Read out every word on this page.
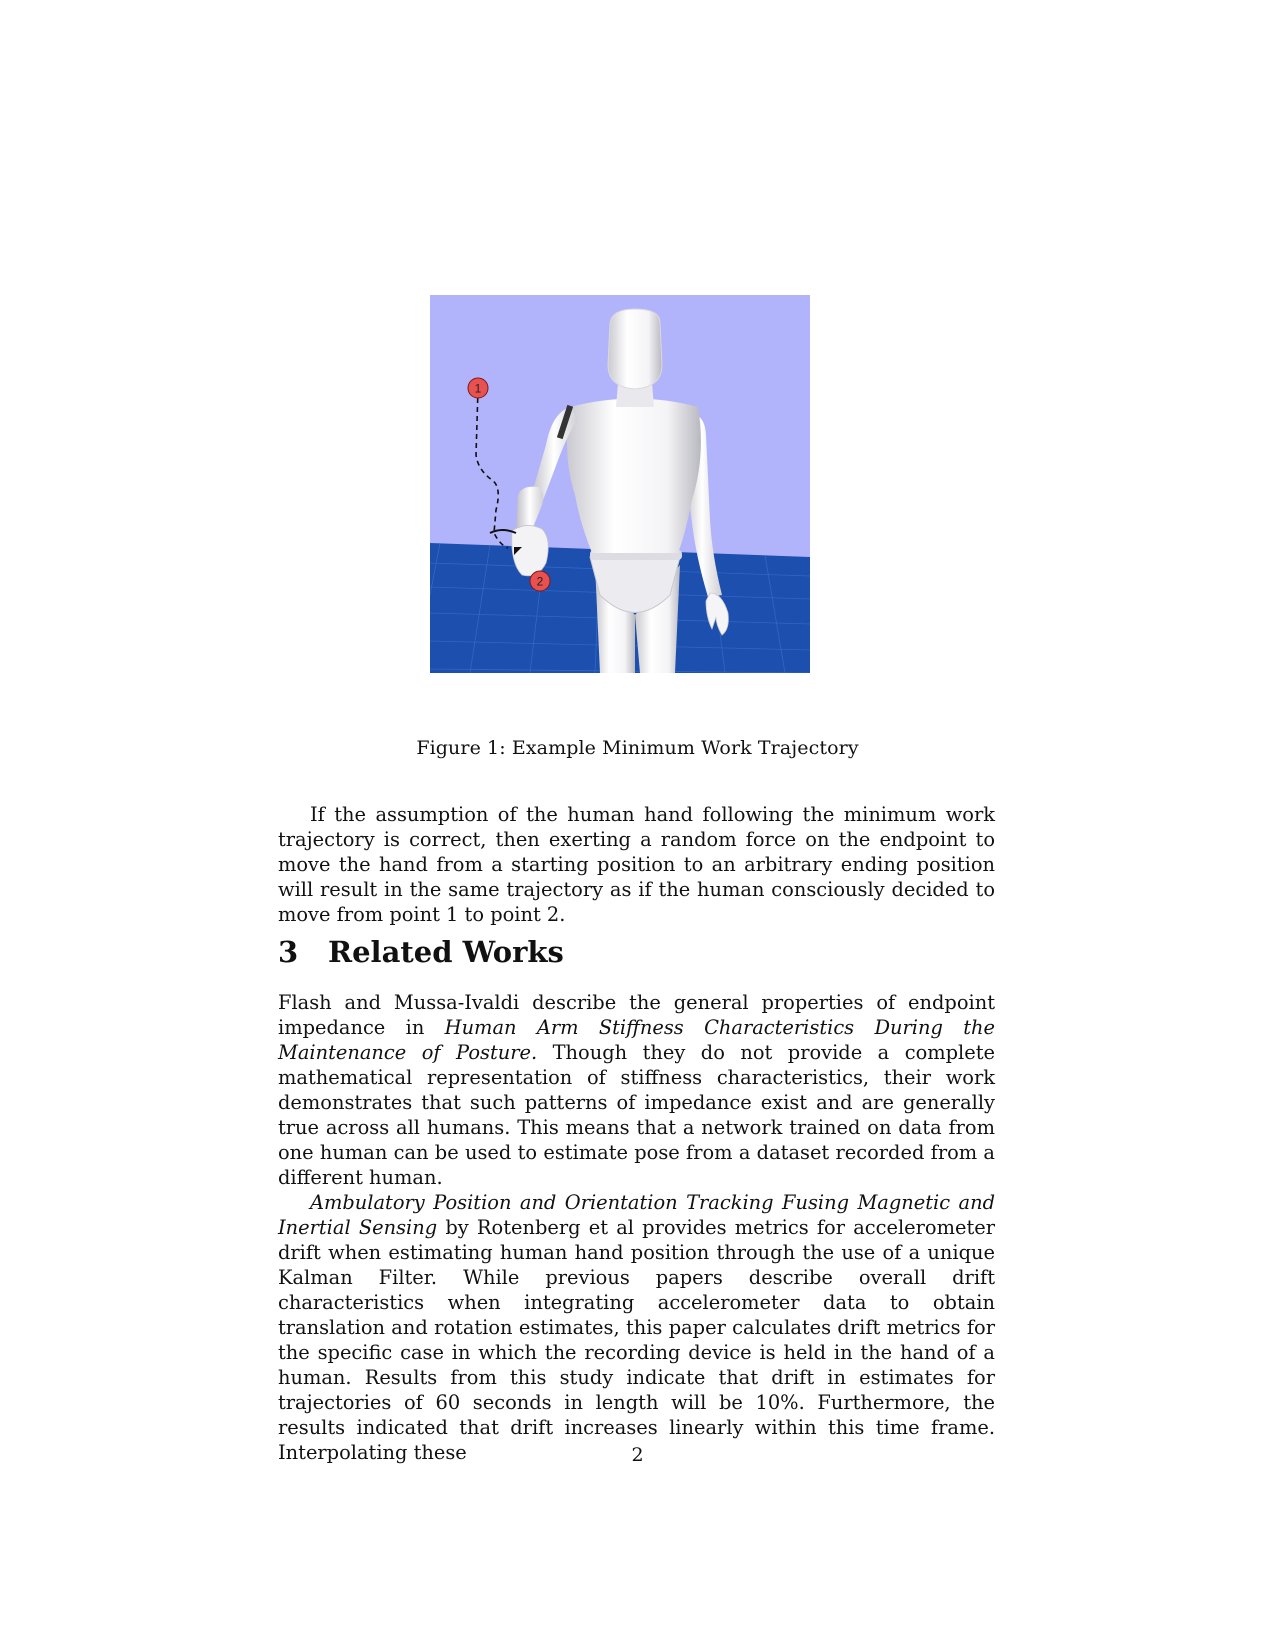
1
2
Figure 1: Example Minimum Work Trajectory

If the assumption of the human hand following the minimum work trajectory is correct, then exerting a random force on the endpoint to move the hand from a starting position to an arbitrary ending position will result in the same trajectory as if the human consciously decided to move from point 1 to point 2.

3 Related Works

Flash and Mussa-Ivaldi describe the general properties of endpoint impedance in Human Arm Stiffness Characteristics During the Maintenance of Posture. Though they do not provide a complete mathematical representation of stiffness characteristics, their work demonstrates that such patterns of impedance exist and are generally true across all humans. This means that a network trained on data from one human can be used to estimate pose from a dataset recorded from a different human.

Ambulatory Position and Orientation Tracking Fusing Magnetic and Inertial Sensing by Rotenberg et al provides metrics for accelerometer drift when estimating human hand position through the use of a unique Kalman Filter. While previous papers describe overall drift characteristics when integrating accelerometer data to obtain translation and rotation estimates, this paper calculates drift metrics for the specific case in which the recording device is held in the hand of a human. Results from this study indicate that drift in estimates for trajectories of 60 seconds in length will be 10%. Furthermore, the results indicated that drift increases linearly within this time frame. Interpolating these	2
